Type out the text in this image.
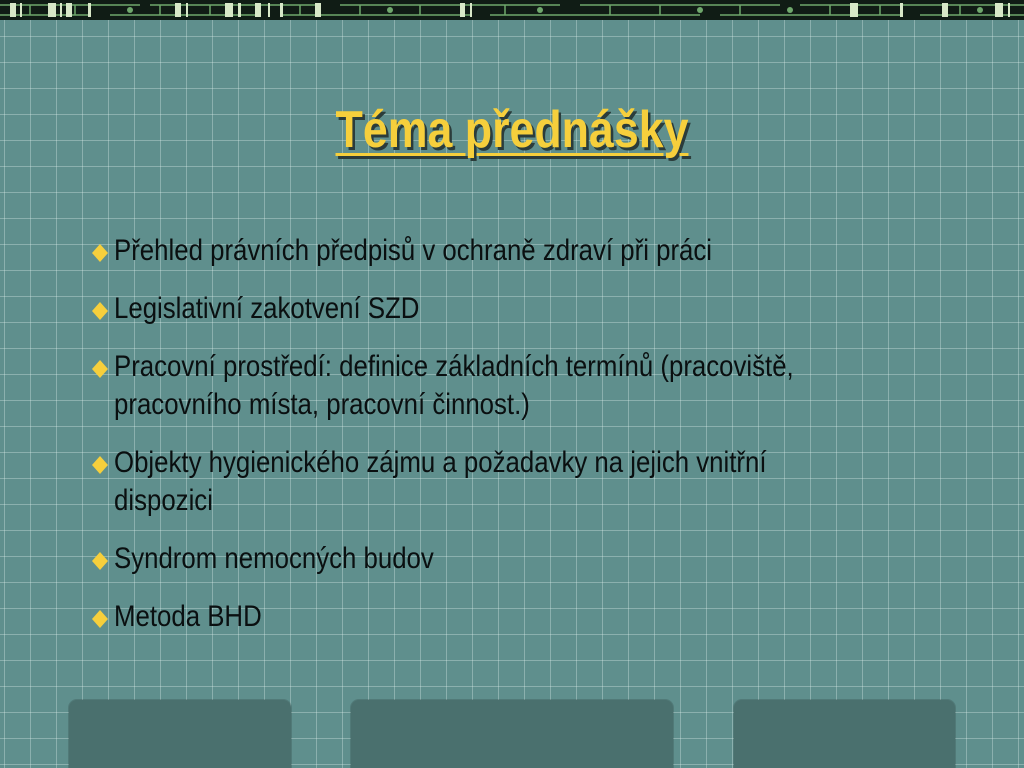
Téma přednášky
Přehled právních předpisů v ochraně zdraví při práci
Legislativní zakotvení SZD
Pracovní prostředí: definice základních termínů (pracoviště, pracovního místa, pracovní činnost.)
Objekty hygienického zájmu a požadavky na jejich vnitřní dispozici
Syndrom nemocných budov
Metoda BHD
